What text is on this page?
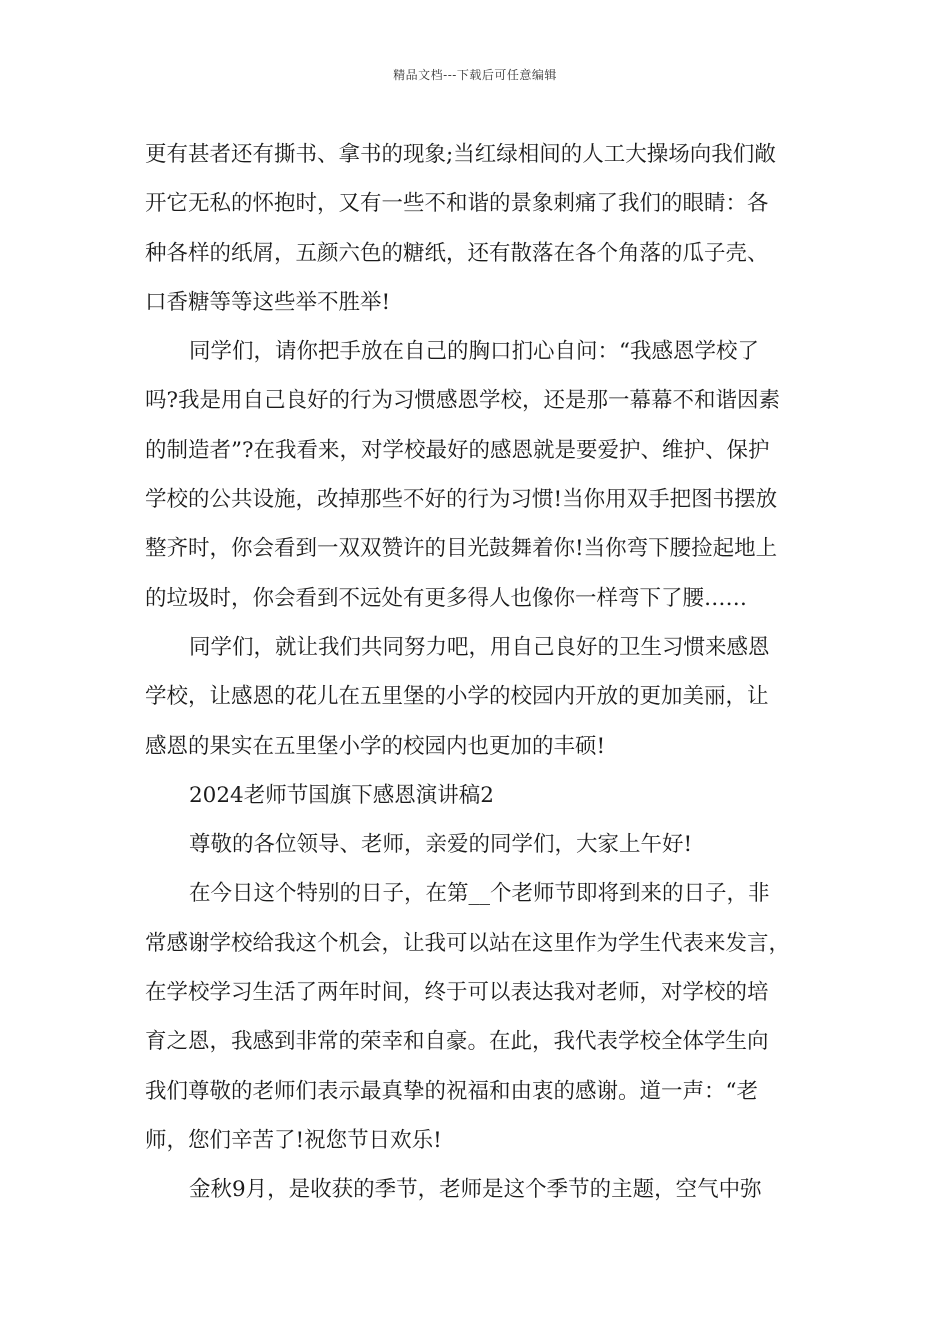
精品文档---下载后可任意编辑
更有甚者还有撕书、拿书的现象;当红绿相间的人工大操场向我们敞
开它无私的怀抱时，又有一些不和谐的景象刺痛了我们的眼睛：各
种各样的纸屑，五颜六色的糖纸，还有散落在各个角落的瓜子壳、
口香糖等等这些举不胜举!
同学们，请你把手放在自己的胸口扪心自问：“我感恩学校了
吗?我是用自己良好的行为习惯感恩学校，还是那一幕幕不和谐因素
的制造者”?在我看来，对学校最好的感恩就是要爱护、维护、保护
学校的公共设施，改掉那些不好的行为习惯!当你用双手把图书摆放
整齐时，你会看到一双双赞许的目光鼓舞着你!当你弯下腰捡起地上
的垃圾时，你会看到不远处有更多得人也像你一样弯下了腰……
同学们，就让我们共同努力吧，用自己良好的卫生习惯来感恩
学校，让感恩的花儿在五里堡的小学的校园内开放的更加美丽，让
感恩的果实在五里堡小学的校园内也更加的丰硕!
2024老师节国旗下感恩演讲稿2
尊敬的各位领导、老师，亲爱的同学们，大家上午好!
在今日这个特别的日子，在第__个老师节即将到来的日子，非
常感谢学校给我这个机会，让我可以站在这里作为学生代表来发言，
在学校学习生活了两年时间，终于可以表达我对老师，对学校的培
育之恩，我感到非常的荣幸和自豪。在此，我代表学校全体学生向
我们尊敬的老师们表示最真挚的祝福和由衷的感谢。道一声：“老
师，您们辛苦了!祝您节日欢乐!
金秋9月，是收获的季节，老师是这个季节的主题，空气中弥
